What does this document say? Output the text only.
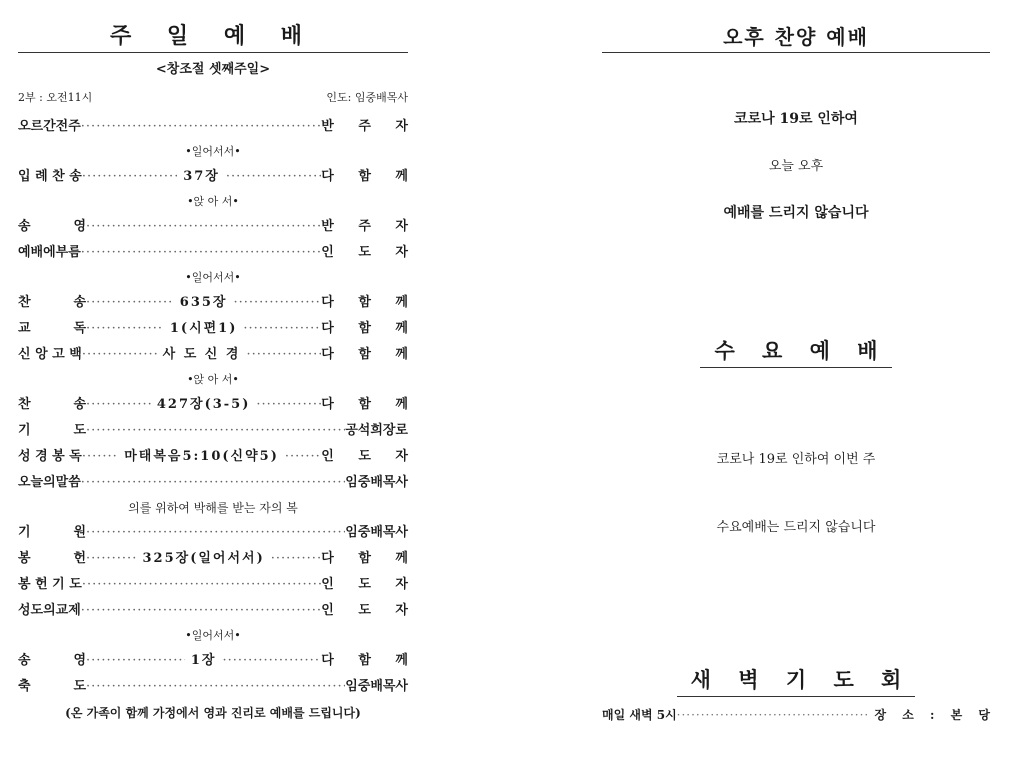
주 일 예 배
<창조절 셋째주일>
2부 : 오전11시	인도: 임중배목사
오르간전주 ·····	반 주 자
•일어서서•
입 례 찬 송 ·····	37장 ·····	다 함 께
•앉 아 서•
송	영 ·····	반 주 자
예배에부름 ·····	인 도 자
•일어서서•
찬	송 ·····	635장 ·····	다 함 께
교	독 ·····	1(시편1) ·····	다 함 께
신 앙 고 백 ·····	사 도 신 경 ·····	다 함 께
•앉 아 서•
찬	송 ·····	427장(3-5) ·····	다 함 께
기	도 ·····	공석희장로
성 경 봉 독 ·····	마태복음5:10(신약5) ·····	인 도 자
오늘의말씀 ·····	임중배목사
의를 위하여 박해를 받는 자의 복
기	원 ·····	임중배목사
봉	헌 ·····	325장(일어서서) ·····	다 함 께
봉 헌 기 도 ·····	인 도 자
성도의교제 ·····	인 도 자
•일어서서•
송	영 ·····	1장 ·····	다 함 께
축	도 ·····	임중배목사
(온 가족이 함께 가정에서 영과 진리로 예배를 드립니다)
오후 찬양 예배
코로나 19로 인하여
오늘 오후
예배를 드리지 않습니다
수 요 예 배
코로나 19로 인하여 이번 주
수요예배는 드리지 않습니다
새 벽 기 도 회
매일 새벽 5시 ·····	장 소 : 본 당
